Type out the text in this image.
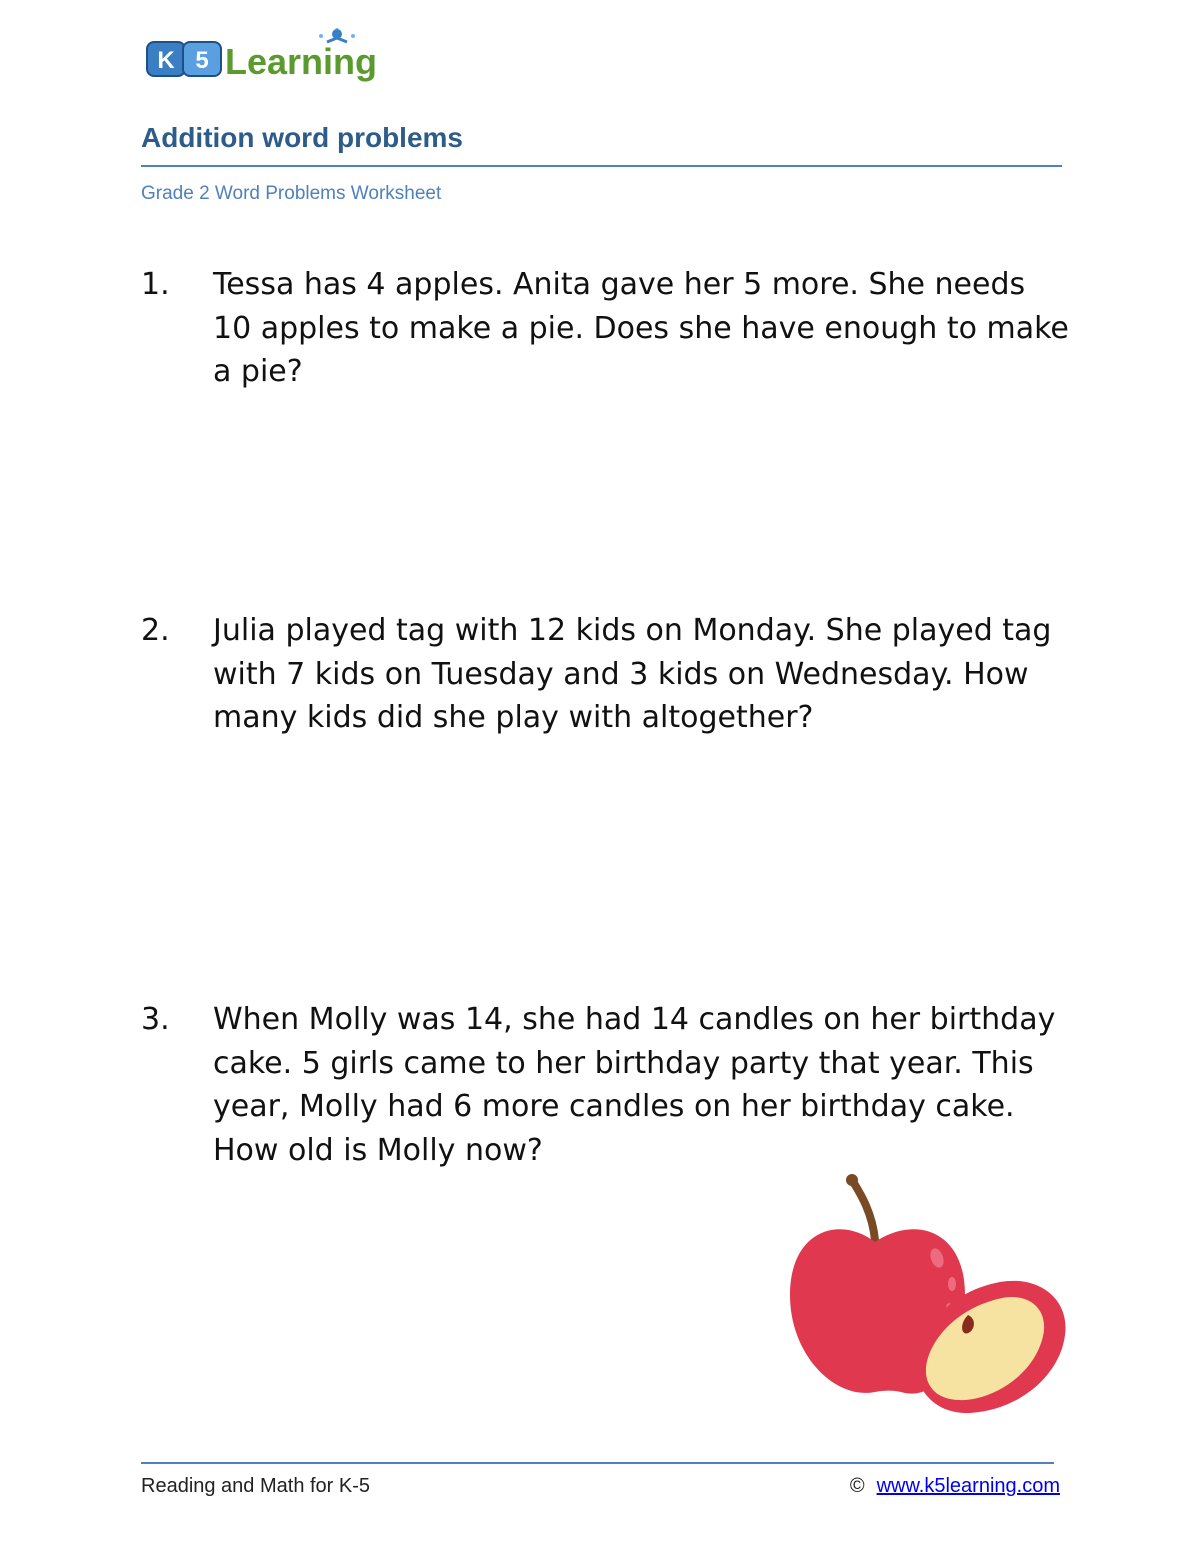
K 5 Learning
Addition word problems
Grade 2 Word Problems Worksheet
1.	Tessa has 4 apples. Anita gave her 5 more. She needs 10 apples to make a pie. Does she have enough to make a pie?
2.	Julia played tag with 12 kids on Monday. She played tag with 7 kids on Tuesday and 3 kids on Wednesday. How many kids did she play with altogether?
3.	When Molly was 14, she had 14 candles on her birthday cake. 5 girls came to her birthday party that year. This year, Molly had 6 more candles on her birthday cake. How old is Molly now?
Reading and Math for K-5	© www.k5learning.com
